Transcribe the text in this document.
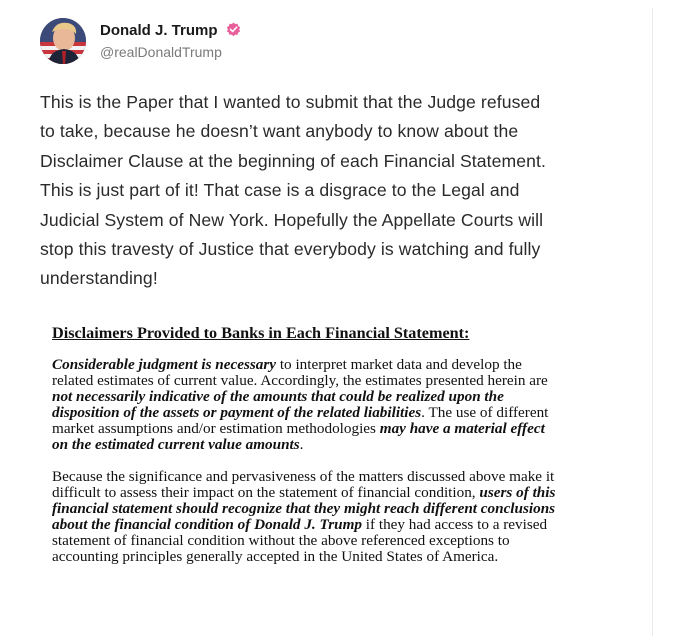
Donald J. Trump
@realDonaldTrump
This is the Paper that I wanted to submit that the Judge refused
to take, because he doesn’t want anybody to know about the
Disclaimer Clause at the beginning of each Financial Statement.
This is just part of it! That case is a disgrace to the Legal and
Judicial System of New York. Hopefully the Appellate Courts will
stop this travesty of Justice that everybody is watching and fully
understanding!
Disclaimers Provided to Banks in Each Financial Statement:

Considerable judgment is necessary to interpret market data and develop the
related estimates of current value. Accordingly, the estimates presented herein are
not necessarily indicative of the amounts that could be realized upon the
disposition of the assets or payment of the related liabilities. The use of different
market assumptions and/or estimation methodologies may have a material effect
on the estimated current value amounts.

Because the significance and pervasiveness of the matters discussed above make it
difficult to assess their impact on the statement of financial condition, users of this
financial statement should recognize that they might reach different conclusions
about the financial condition of Donald J. Trump if they had access to a revised
statement of financial condition without the above referenced exceptions to
accounting principles generally accepted in the United States of America.
